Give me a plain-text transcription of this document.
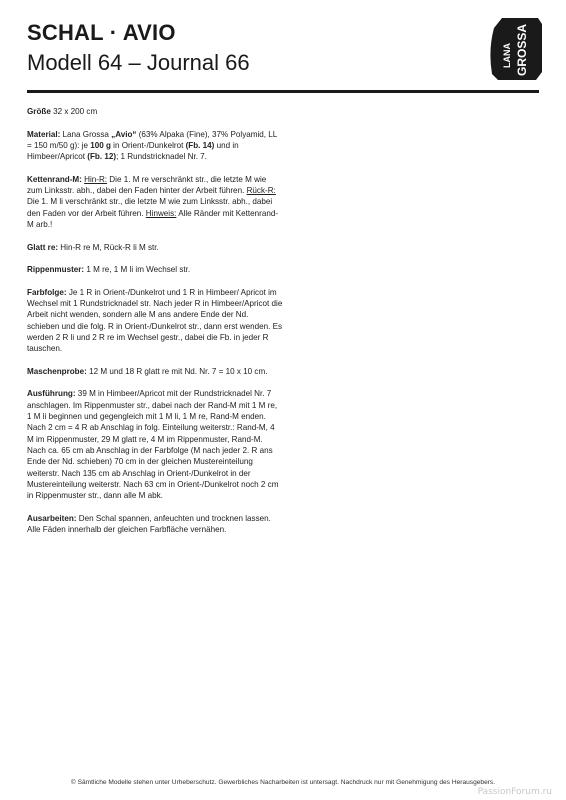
SCHAL · AVIO
Modell 64 – Journal 66	LANA GROSSA

Größe 32 x 200 cm

Material: Lana Grossa „Avio“ (63% Alpaka (Fine), 37% Polyamid, LL = 150 m/50 g): je 100 g in Orient-/Dunkelrot (Fb. 14) und in Himbeer/Apricot (Fb. 12); 1 Rundstricknadel Nr. 7.

Kettenrand-M: Hin-R: Die 1. M re verschränkt str., die letzte M wie zum Linksstr. abh., dabei den Faden hinter der Arbeit führen. Rück-R: Die 1. M li verschränkt str., die letzte M wie zum Linksstr. abh., dabei den Faden vor der Arbeit führen. Hinweis: Alle Ränder mit Kettenrand-M arb.!

Glatt re: Hin-R re M, Rück-R li M str.

Rippenmuster: 1 M re, 1 M li im Wechsel str.

Farbfolge: Je 1 R in Orient-/Dunkelrot und 1 R in Himbeer/ Apricot im Wechsel mit 1 Rundstricknadel str. Nach jeder R in Himbeer/Apricot die Arbeit nicht wenden, sondern alle M ans andere Ende der Nd. schieben und die folg. R in Orient-/Dunkelrot str., dann erst wenden. Es werden 2 R li und 2 R re im Wechsel gestr., dabei die Fb. in jeder R tauschen.

Maschenprobe: 12 M und 18 R glatt re mit Nd. Nr. 7 = 10 x 10 cm.

Ausführung: 39 M in Himbeer/Apricot mit der Rundstricknadel Nr. 7 anschlagen. Im Rippenmuster str., dabei nach der Rand-M mit 1 M re, 1 M li beginnen und gegengleich mit 1 M li, 1 M re, Rand-M enden. Nach 2 cm = 4 R ab Anschlag in folg. Einteilung weiterstr.: Rand-M, 4 M im Rippenmuster, 29 M glatt re, 4 M im Rippenmuster, Rand-M. Nach ca. 65 cm ab Anschlag in der Farbfolge (M nach jeder 2. R ans Ende der Nd. schieben) 70 cm in der gleichen Mustereinteilung weiterstr. Nach 135 cm ab Anschlag in Orient-/Dunkelrot in der Mustereinteilung weiterstr. Nach 63 cm in Orient-/Dunkelrot noch 2 cm in Rippenmuster str., dann alle M abk.

Ausarbeiten: Den Schal spannen, anfeuchten und trocknen lassen. Alle Fäden innerhalb der gleichen Farbfläche vernähen.

© Sämtliche Modelle stehen unter Urheberschutz. Gewerbliches Nacharbeiten ist untersagt. Nachdruck nur mit Genehmigung des Herausgebers.
PassionForum.ru
